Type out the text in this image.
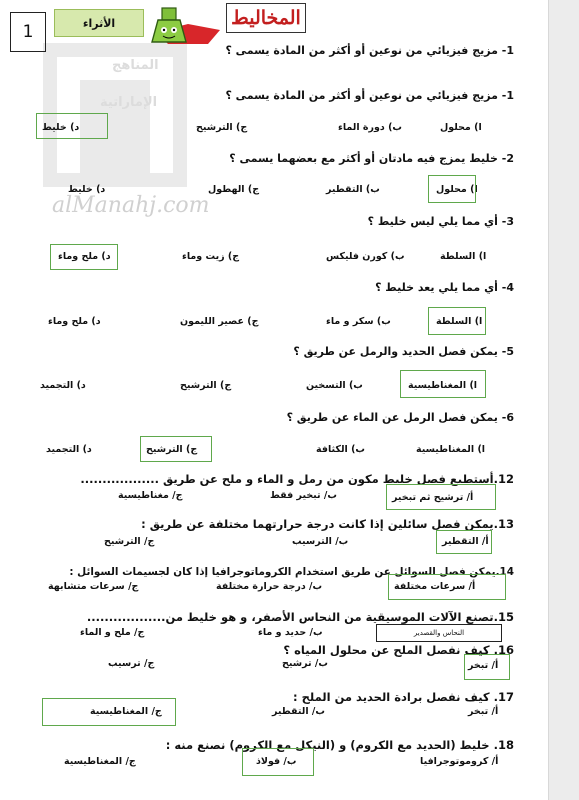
المناهج
الإماراتية
alManahj.com
1	الأثراء	المخاليط
1- مزيج فيزيائي من نوعين أو أكثر من المادة يسمى ؟
1- مزيج فيزيائي من نوعين أو أكثر من المادة يسمى ؟
ا) محلول
ب) دورة الماء
ج) الترشيح
د) خليط
2- خليط يمزج فيه مادتان أو أكثر مع بعضهما يسمى ؟
ا) محلول
ب) التقطير
ج) الهطول
د) خليط
3- أي مما يلي ليس خليط ؟
ا) السلطة
ب) كورن فليكس
ج) زيت وماء
د) ملح وماء
4- أي مما يلي يعد خليط ؟
ا) السلطة
ب) سكر و ماء
ج) عصير الليمون
د) ملح وماء
5- يمكن فصل الحديد والرمل عن طريق ؟
ا) المغناطيسية
ب) التسخين
ج) الترشيح
د) التجميد
6- يمكن فصل الرمل عن الماء عن طريق ؟
ا) المغناطيسية
ب) الكثافة
ج) الترشيح
د) التجميد
12.أستطيع فصل خليط مكون من رمل و الماء و ملح عن طريق ..................
أ/ ترشيح ثم تبخير
ب/ تبخير فقط
ج/ مغناطيسية
13.يمكن فصل سائلين إذا كانت درجة حرارتهما مختلفة عن طريق :
أ/ التقطير
ب/ الترسيب
ج/ الترشيح
14.يمكن فصل السوائل عن طريق استخدام الكروماتوجرافيا إذا كان لجسيمات السوائل :
أ/ سرعات مختلفة
ب/ درجة حرارة مختلفة
ج/ سرعات متشابهة
15.تصنع الآلات الموسيقية من النحاس الأصفر، و هو خليط من..................
النحاس والقصدير
ب/ حديد و ماء
ج/ ملح و الماء
16. كيف نفصل الملح عن محلول المياه ؟
أ/ تبخر
ب/ ترشيح
ج/ ترسيب
17. كيف نفصل برادة الحديد من الملح :
أ/ تبخر
ب/ التقطير
ج/ المغناطيسية
18. خليط (الحديد مع الكروم) و (النيكل مع الكروم) نصنع منه :
أ/ كروموتوجرافيا
ب/ فولاذ
ج/ المغناطيسية
